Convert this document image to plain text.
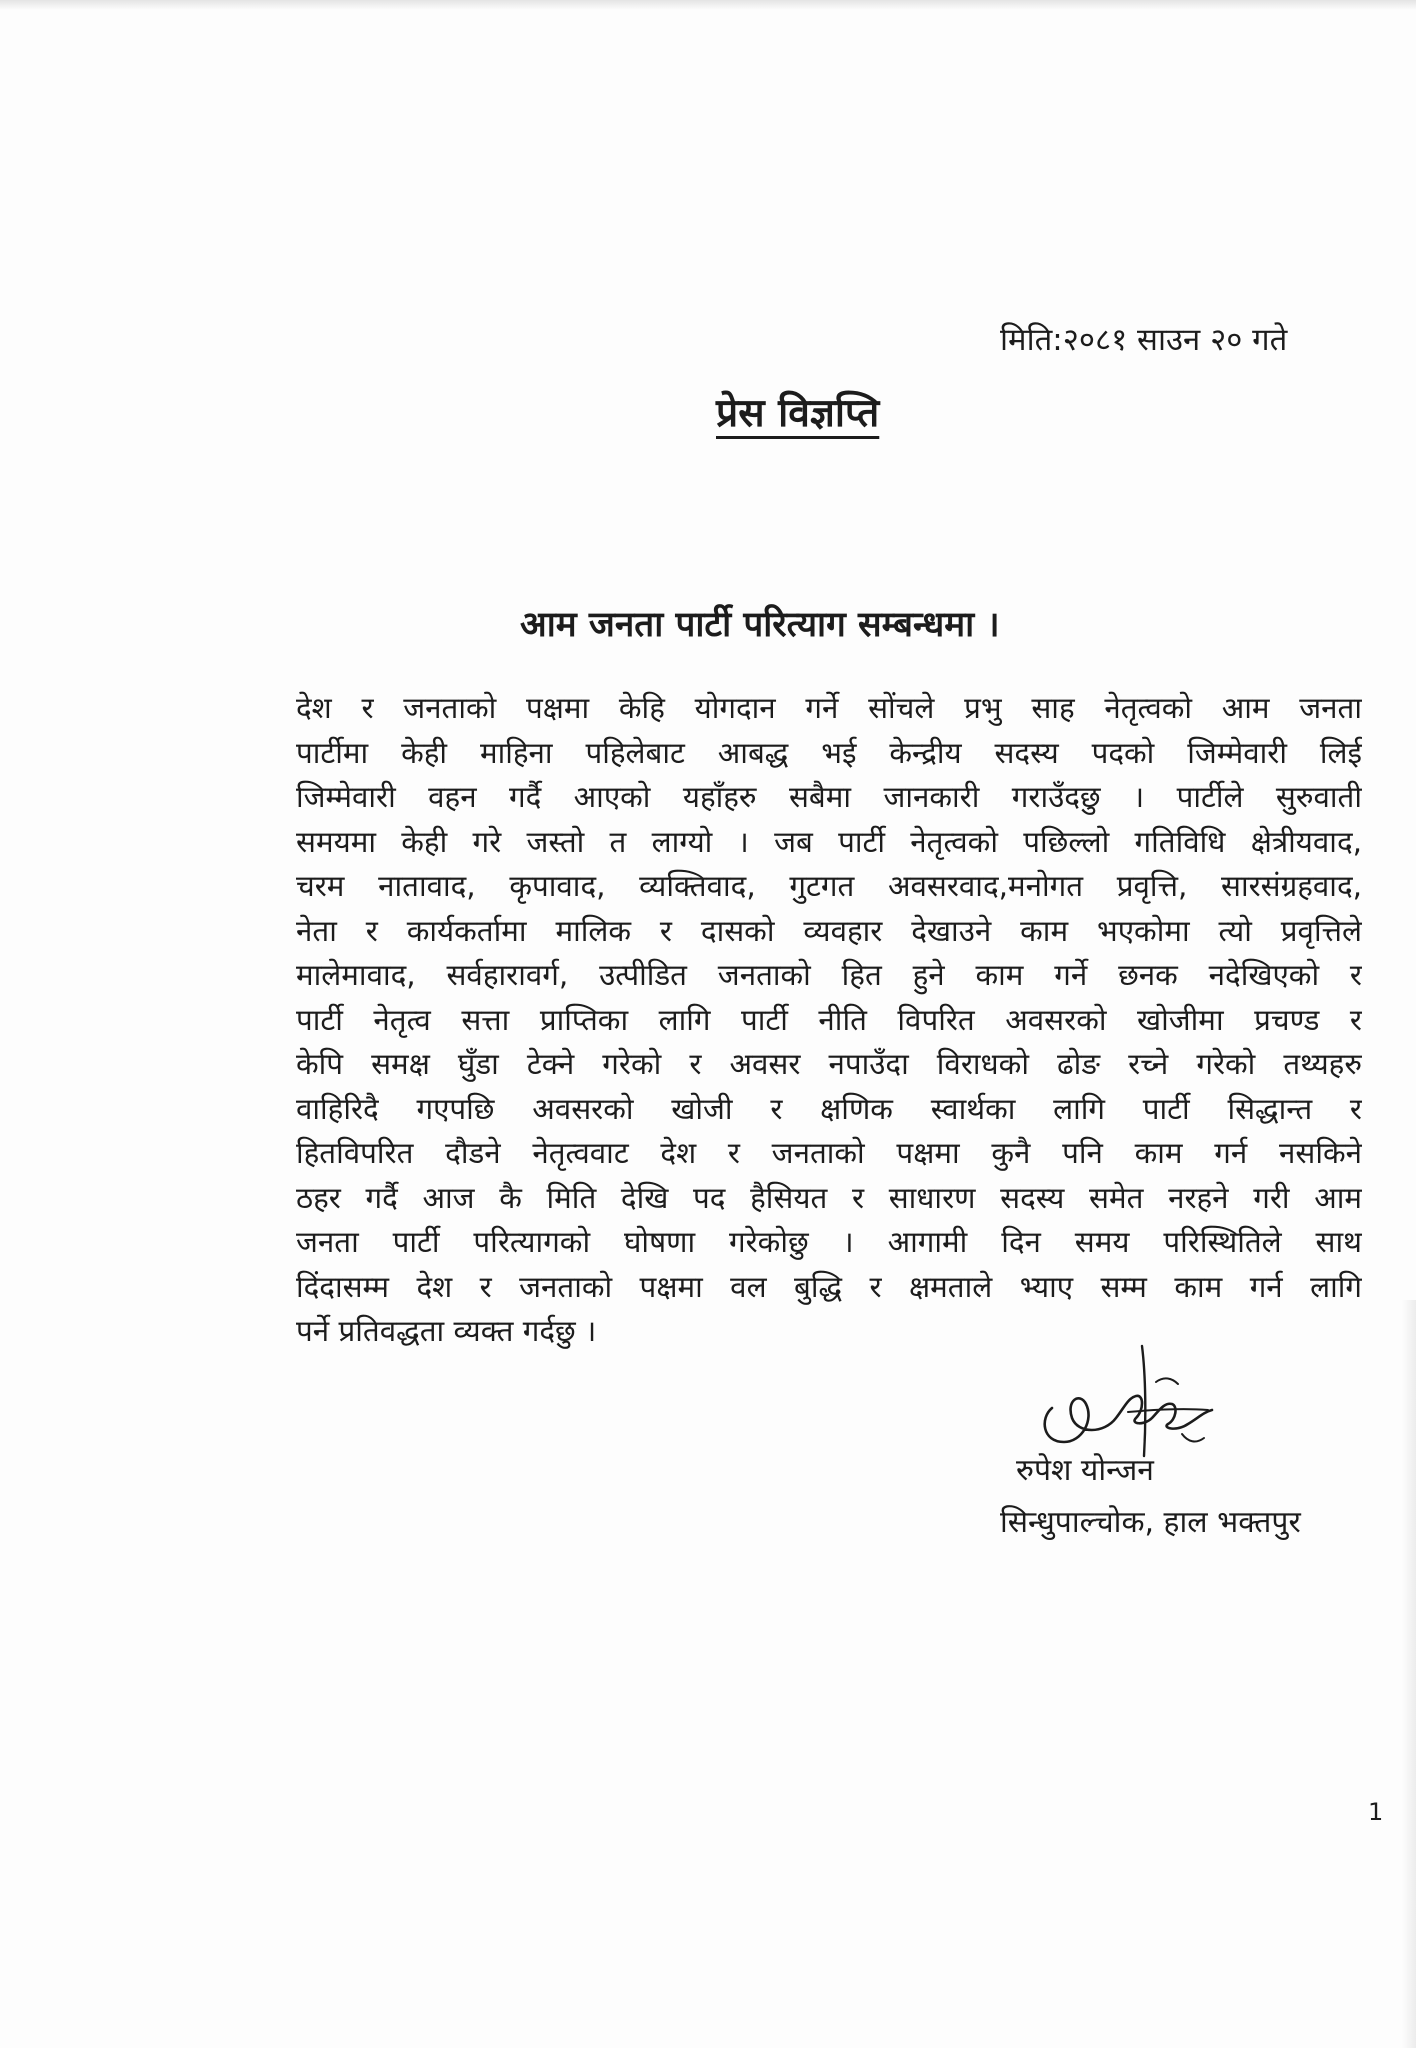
मिति:२०८१ साउन २० गते
प्रेस विज्ञप्ति
आम जनता पार्टी परित्याग सम्बन्धमा ।
देश र जनताको पक्षमा केहि योगदान गर्ने सोंचले प्रभु साह नेतृत्वको आम जनता
पार्टीमा केही माहिना पहिलेबाट आबद्ध भई केन्द्रीय सदस्य पदको जिम्मेवारी लिई
जिम्मेवारी वहन गर्दै आएको यहाँहरु सबैमा जानकारी गराउँदछु । पार्टीले सुरुवाती
समयमा केही गरे जस्तो त लाग्यो । जब पार्टी नेतृत्वको पछिल्लो गतिविधि क्षेत्रीयवाद,
चरम नातावाद, कृपावाद, व्यक्तिवाद, गुटगत अवसरवाद,मनोगत प्रवृत्ति, सारसंग्रहवाद,
नेता र कार्यकर्तामा मालिक र दासको व्यवहार देखाउने काम भएकोमा त्यो प्रवृत्तिले
मालेमावाद, सर्वहारावर्ग, उत्पीडित जनताको हित हुने काम गर्ने छनक नदेखिएको र
पार्टी नेतृत्व सत्ता प्राप्तिका लागि पार्टी नीति विपरित अवसरको खोजीमा प्रचण्ड र
केपि समक्ष घुँडा टेक्ने गरेको र अवसर नपाउँदा विराधको ढोङ रच्ने गरेको तथ्यहरु
वाहिरिदै गएपछि अवसरको खोजी र क्षणिक स्वार्थका लागि पार्टी सिद्धान्त र
हितविपरित दौडने नेतृत्ववाट देश र जनताको पक्षमा कुनै पनि काम गर्न नसकिने
ठहर गर्दै आज कै मिति देखि पद हैसियत र साधारण सदस्य समेत नरहने गरी आम
जनता पार्टी परित्यागको घोषणा गरेकोछु । आगामी दिन समय परिस्थितिले साथ
दिंदासम्म देश र जनताको पक्षमा वल बुद्धि र क्षमताले भ्याए सम्म काम गर्न लागि
पर्ने प्रतिवद्धता व्यक्त गर्दछु ।
रुपेश योन्जन
सिन्धुपाल्चोक, हाल भक्तपुर
1
